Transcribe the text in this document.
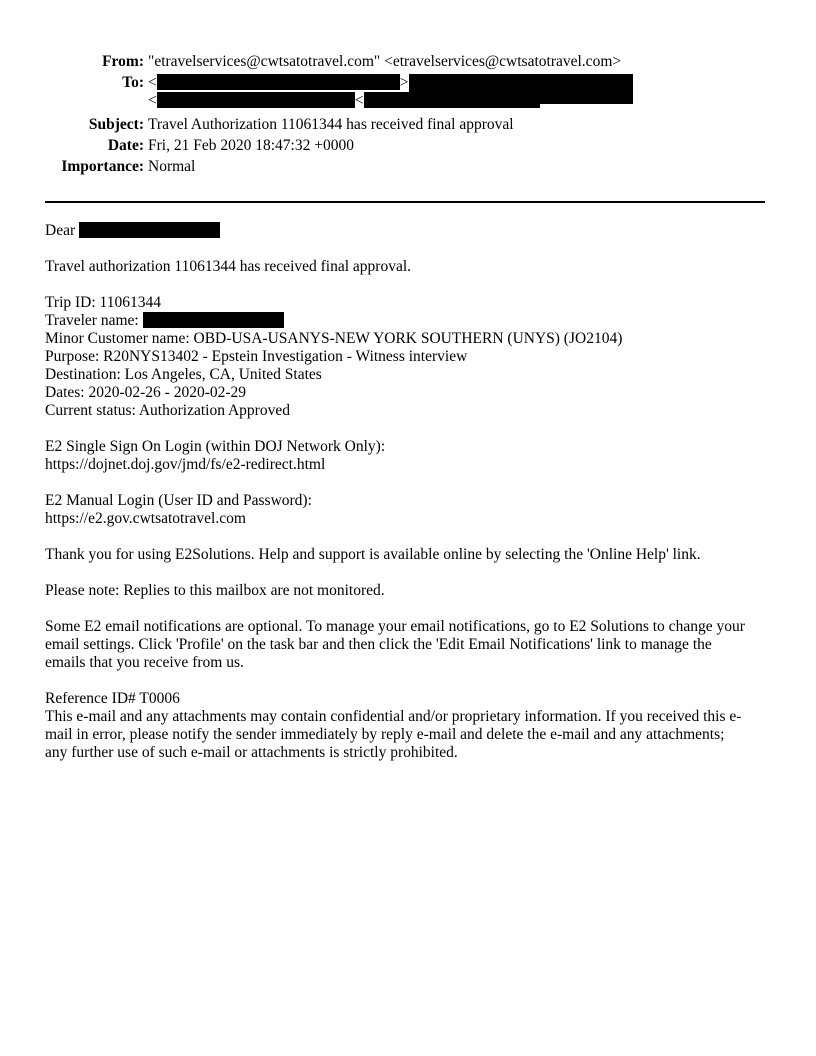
From: "etravelservices@cwtsatotravel.com" <etravelservices@cwtsatotravel.com>
To: <	>
<	<	>
Subject: Travel Authorization 11061344 has received final approval
Date: Fri, 21 Feb 2020 18:47:32 +0000
Importance: Normal
Dear
Travel authorization 11061344 has received final approval.
Trip ID: 11061344
Traveler name:
Minor Customer name: OBD-USA-USANYS-NEW YORK SOUTHERN (UNYS) (JO2104)
Purpose: R20NYS13402 - Epstein Investigation - Witness interview
Destination: Los Angeles, CA, United States
Dates: 2020-02-26 - 2020-02-29
Current status: Authorization Approved
E2 Single Sign On Login (within DOJ Network Only):
https://dojnet.doj.gov/jmd/fs/e2-redirect.html
E2 Manual Login (User ID and Password):
https://e2.gov.cwtsatotravel.com
Thank you for using E2Solutions. Help and support is available online by selecting the 'Online Help' link.
Please note: Replies to this mailbox are not monitored.
Some E2 email notifications are optional. To manage your email notifications, go to E2 Solutions to change your
email settings. Click 'Profile' on the task bar and then click the 'Edit Email Notifications' link to manage the
emails that you receive from us.
Reference ID# T0006
This e-mail and any attachments may contain confidential and/or proprietary information. If you received this e-
mail in error, please notify the sender immediately by reply e-mail and delete the e-mail and any attachments;
any further use of such e-mail or attachments is strictly prohibited.
